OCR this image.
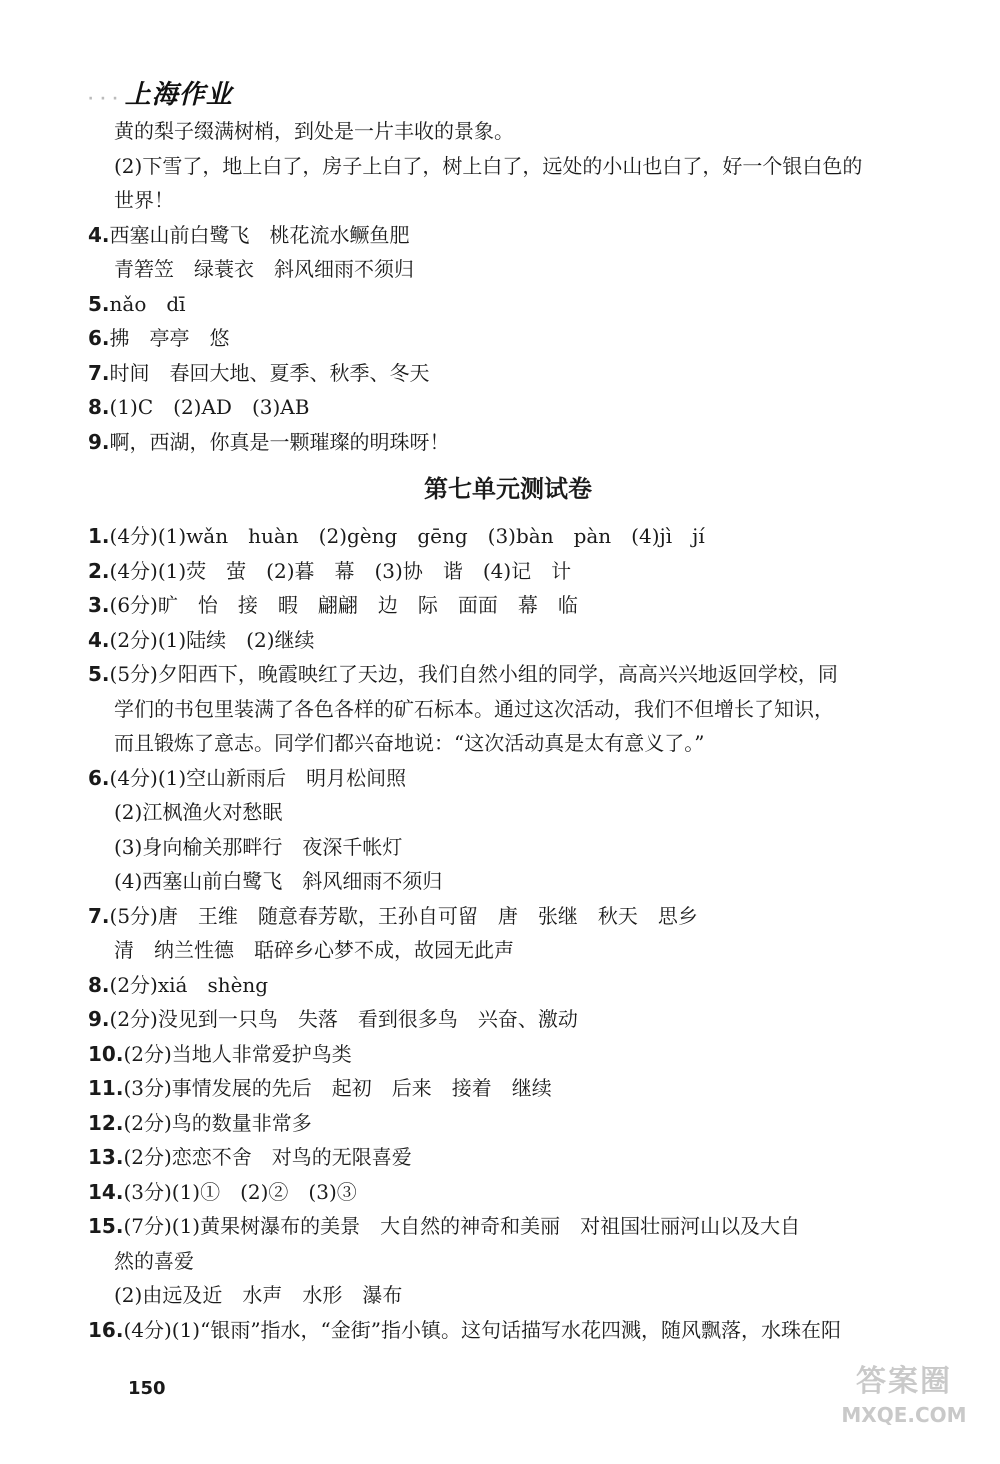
· · · 上海作业
黄的梨子缀满树梢，到处是一片丰收的景象。
(2)下雪了，地上白了，房子上白了，树上白了，远处的小山也白了，好一个银白色的
世界！
4.西塞山前白鹭飞　桃花流水鳜鱼肥
青箬笠　绿蓑衣　斜风细雨不须归
5.nǎo　dī
6.拂　亭亭　悠
7.时间　春回大地、夏季、秋季、冬天
8.(1)C　(2)AD　(3)AB
9.啊，西湖，你真是一颗璀璨的明珠呀！
第七单元测试卷
1.(4分)(1)wǎn　huàn　(2)gèng　gēng　(3)bàn　pàn　(4)jì　jí
2.(4分)(1)荧　萤　(2)暮　幕　(3)协　谐　(4)记　计
3.(6分)旷　怡　接　暇　翩翩　边　际　面面　幕　临
4.(2分)(1)陆续　(2)继续
5.(5分)夕阳西下，晚霞映红了天边，我们自然小组的同学，高高兴兴地返回学校，同
学们的书包里装满了各色各样的矿石标本。通过这次活动，我们不但增长了知识，
而且锻炼了意志。同学们都兴奋地说：“这次活动真是太有意义了。”
6.(4分)(1)空山新雨后　明月松间照
(2)江枫渔火对愁眠
(3)身向榆关那畔行　夜深千帐灯
(4)西塞山前白鹭飞　斜风细雨不须归
7.(5分)唐　王维　随意春芳歇，王孙自可留　唐　张继　秋天　思乡
清　纳兰性德　聒碎乡心梦不成，故园无此声
8.(2分)xiá　shèng
9.(2分)没见到一只鸟　失落　看到很多鸟　兴奋、激动
10.(2分)当地人非常爱护鸟类
11.(3分)事情发展的先后　起初　后来　接着　继续
12.(2分)鸟的数量非常多
13.(2分)恋恋不舍　对鸟的无限喜爱
14.(3分)(1)①　(2)②　(3)③
15.(7分)(1)黄果树瀑布的美景　大自然的神奇和美丽　对祖国壮丽河山以及大自
然的喜爱
(2)由远及近　水声　水形　瀑布
16.(4分)(1)“银雨”指水，“金街”指小镇。这句话描写水花四溅，随风飘落，水珠在阳
150	答案圈
MXQE.COM
